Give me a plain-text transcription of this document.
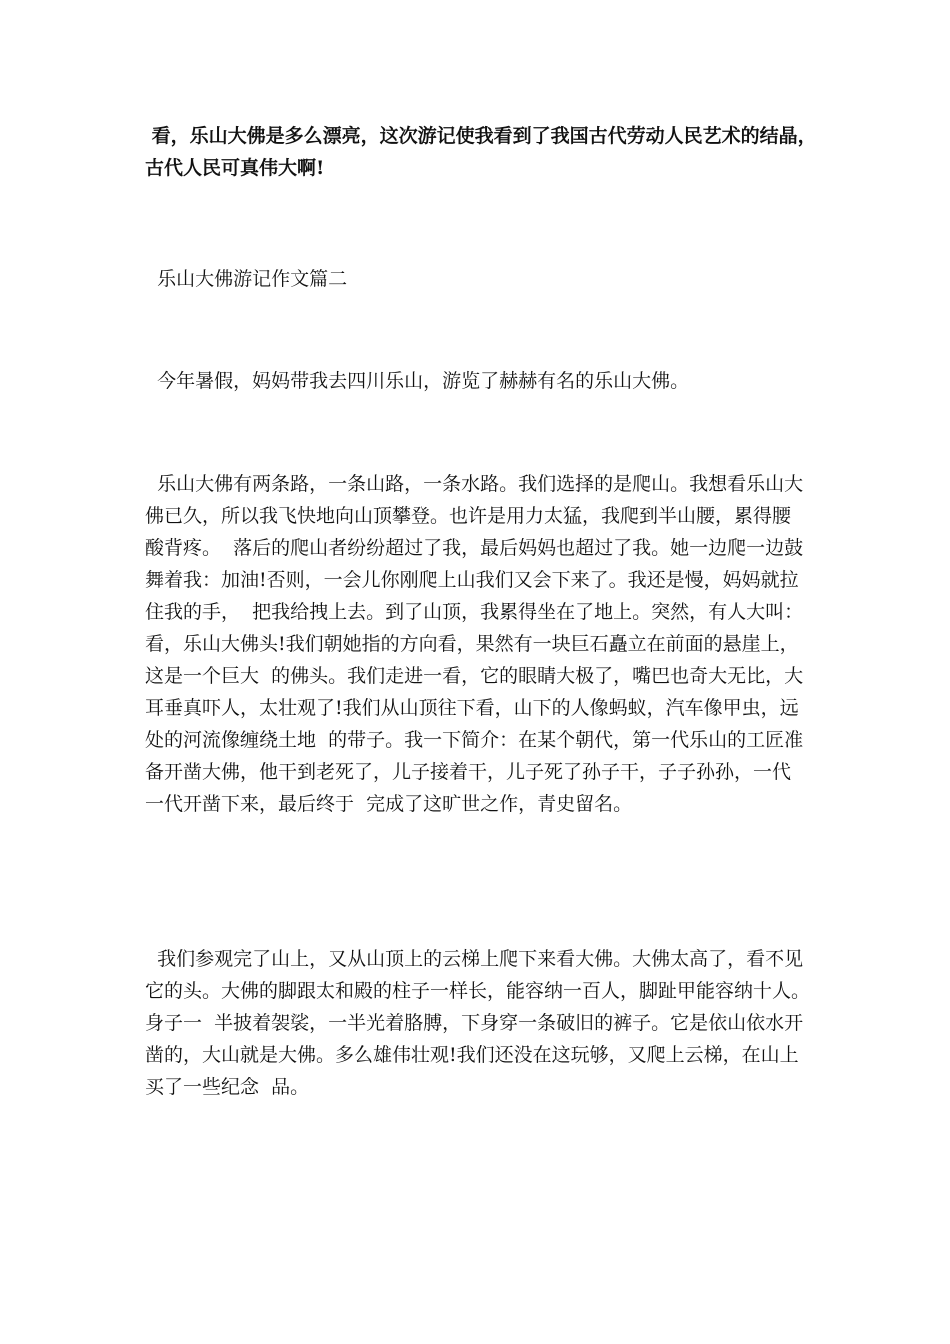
看，乐山大佛是多么漂亮，这次游记使我看到了我国古代劳动人民艺术的结晶，
古代人民可真伟大啊!
乐山大佛游记作文篇二
今年暑假，妈妈带我去四川乐山，游览了赫赫有名的乐山大佛。
乐山大佛有两条路，一条山路，一条水路。我们选择的是爬山。我想看乐山大
佛已久，所以我飞快地向山顶攀登。也许是用力太猛，我爬到半山腰，累得腰
酸背疼。  落后的爬山者纷纷超过了我，最后妈妈也超过了我。她一边爬一边鼓
舞着我：加油!否则，一会儿你刚爬上山我们又会下来了。我还是慢，妈妈就拉
住我的手，  把我给拽上去。到了山顶，我累得坐在了地上。突然，有人大叫：
看，乐山大佛头!我们朝她指的方向看，果然有一块巨石矗立在前面的悬崖上，
这是一个巨大  的佛头。我们走进一看，它的眼睛大极了，嘴巴也奇大无比，大
耳垂真吓人，太壮观了!我们从山顶往下看，山下的人像蚂蚁，汽车像甲虫，远
处的河流像缠绕土地  的带子。我一下简介：在某个朝代，第一代乐山的工匠准
备开凿大佛，他干到老死了，儿子接着干，儿子死了孙子干，子子孙孙，一代
一代开凿下来，最后终于  完成了这旷世之作，青史留名。
我们参观完了山上，又从山顶上的云梯上爬下来看大佛。大佛太高了，看不见
它的头。大佛的脚跟太和殿的柱子一样长，能容纳一百人，脚趾甲能容纳十人。
身子一  半披着袈裟，一半光着胳膊，下身穿一条破旧的裤子。它是依山依水开
凿的，大山就是大佛。多么雄伟壮观!我们还没在这玩够，又爬上云梯，在山上
买了一些纪念  品。
